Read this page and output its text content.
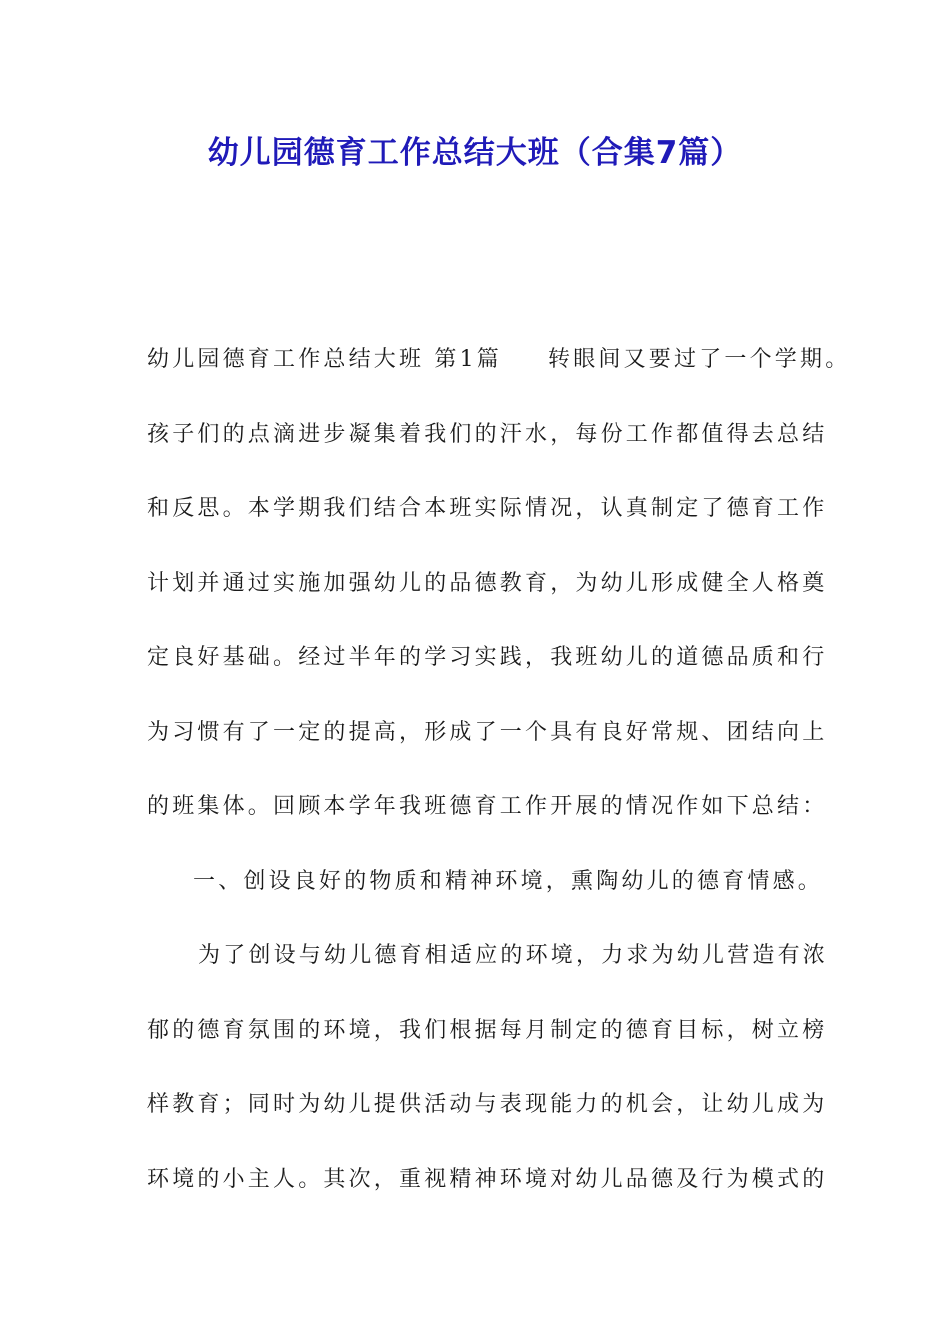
幼儿园德育工作总结大班（合集7篇）
幼儿园德育工作总结大班 第1篇 转眼间又要过了一个学期。
孩子们的点滴进步凝集着我们的汗水，每份工作都值得去总结
和反思。本学期我们结合本班实际情况，认真制定了德育工作
计划并通过实施加强幼儿的品德教育，为幼儿形成健全人格奠
定良好基础。经过半年的学习实践，我班幼儿的道德品质和行
为习惯有了一定的提高，形成了一个具有良好常规、团结向上
的班集体。回顾本学年我班德育工作开展的情况作如下总结：
一、创设良好的物质和精神环境，熏陶幼儿的德育情感。
为了创设与幼儿德育相适应的环境，力求为幼儿营造有浓
郁的德育氛围的环境，我们根据每月制定的德育目标，树立榜
样教育；同时为幼儿提供活动与表现能力的机会，让幼儿成为
环境的小主人。其次，重视精神环境对幼儿品德及行为模式的
